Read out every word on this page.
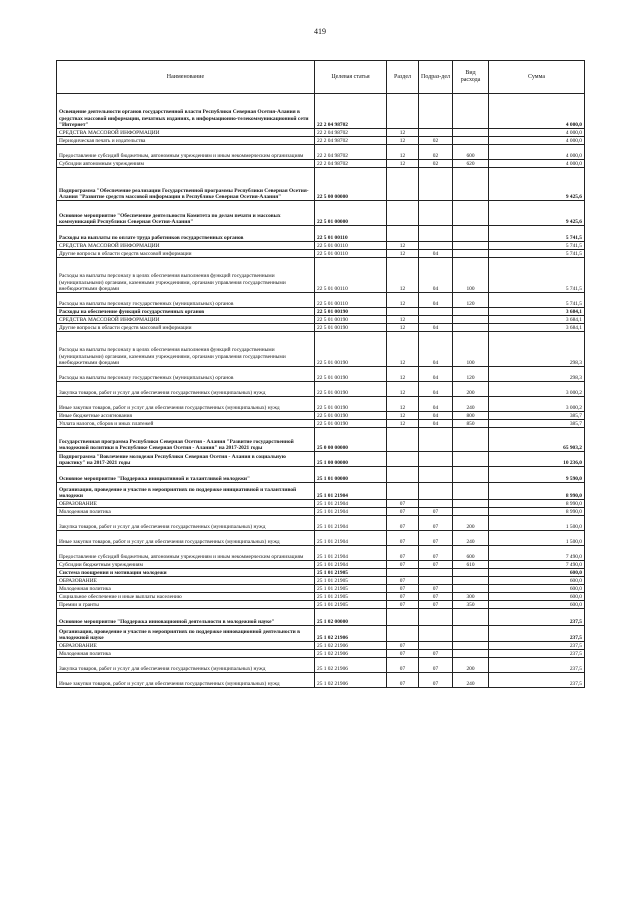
419
Наименование	Целевая статья	Раздел	Подраз-дел	Вид расхода	Сумма
Освещение деятельности органов государственной власти Республики Северная Осетия-Алания в средствах массовой информации, печатных изданиях, в информационно-телекоммуникационной сети "Интернет"	22 2 04 98702				4 000,0
СРЕДСТВА МАССОВОЙ ИНФОРМАЦИИ	22 2 04 98702	12			4 000,0
Периодическая печать и издательства	22 2 04 98702	12	02		4 000,0
Предоставление субсидий бюджетным, автономным учреждениям и иным некоммерческим организациям	22 2 04 98702	12	02	600	4 000,0
Субсидии автономным учреждениям	22 2 04 98702	12	02	620	4 000,0
Подпрограмма "Обеспечение реализации Государственной программы Республики Северная Осетия-Алания "Развитие средств массовой информации в Республике Северная Осетия-Алания"	22 5 00 00000				9 425,6
Основное мероприятие "Обеспечение деятельности Комитета по делам печати и массовых коммуникаций Республики Северная Осетия-Алания"	22 5 01 00000				9 425,6
Расходы на выплаты по оплате труда работников государственных органов	22 5 01 00110				5 741,5
СРЕДСТВА МАССОВОЙ ИНФОРМАЦИИ	22 5 01 00110	12			5 741,5
Другие вопросы в области средств массовой информации	22 5 01 00110	12	04		5 741,5
Расходы на выплаты персоналу в целях обеспечения выполнения функций государственными (муниципальными) органами, казенными учреждениями, органами управления государственными внебюджетными фондами	22 5 01 00110	12	04	100	5 741,5
Расходы на выплаты персоналу государственных (муниципальных) органов	22 5 01 00110	12	04	120	5 741,5
Расходы на обеспечение функций государственных органов	22 5 01 00190				3 684,1
СРЕДСТВА МАССОВОЙ ИНФОРМАЦИИ	22 5 01 00190	12			3 684,1
Другие вопросы в области средств массовой информации	22 5 01 00190	12	04		3 684,1
Расходы на выплаты персоналу в целях обеспечения выполнения функций государственными (муниципальными) органами, казенными учреждениями, органами управления государственными внебюджетными фондами	22 5 01 00190	12	04	100	298,3
Расходы на выплаты персоналу государственных (муниципальных) органов	22 5 01 00190	12	04	120	298,3
Закупка товаров, работ и услуг для обеспечения государственных (муниципальных) нужд	22 5 01 00190	12	04	200	3 000,2
Иные закупки товаров, работ и услуг для обеспечения государственных (муниципальных) нужд	22 5 01 00190	12	04	240	3 000,2
Иные бюджетные ассигнования	22 5 01 00190	12	04	800	385,7
Уплата налогов, сборов и иных платежей	22 5 01 00190	12	04	850	385,7
Государственная программа Республики Северная Осетия - Алания "Развитие государственной молодежной политики в Республике Северная Осетия - Алания" на 2017-2021 годы	25 0 00 00000				65 903,2
Подпрограмма "Вовлечение молодежи Республики Северная Осетия - Алания в социальную практику" на 2017-2021 годы	25 1 00 00000				10 236,0
Основное мероприятие "Поддержка инициативной и талантливой молодежи"	25 1 01 00000				9 590,0
Организация, проведение и участие в мероприятиях по поддержке инициативной и талантливой молодежи	25 1 01 21904				8 990,0
ОБРАЗОВАНИЕ	25 1 01 21904	07			8 990,0
Молодежная политика	25 1 01 21904	07	07		8 990,0
Закупка товаров, работ и услуг для обеспечения государственных (муниципальных) нужд	25 1 01 21904	07	07	200	1 500,0
Иные закупки товаров, работ и услуг для обеспечения государственных (муниципальных) нужд	25 1 01 21904	07	07	240	1 500,0
Предоставление субсидий бюджетным, автономным учреждениям и иным некоммерческим организациям	25 1 01 21904	07	07	600	7 490,0
Субсидии бюджетным учреждениям	25 1 01 21904	07	07	610	7 490,0
Система поощрения и мотивации молодежи	25 1 01 21905				600,0
ОБРАЗОВАНИЕ	25 1 01 21905	07			600,0
Молодежная политика	25 1 01 21905	07	07		600,0
Социальное обеспечение и иные выплаты населению	25 1 01 21905	07	07	300	600,0
Премии и гранты	25 1 01 21905	07	07	350	600,0
Основное мероприятие "Поддержка инновационной деятельности в молодежной науке"	25 1 02 00000				237,5
Организация, проведение и участие в мероприятиях по поддержке инновационной деятельности в молодежной науке	25 1 02 21906				237,5
ОБРАЗОВАНИЕ	25 1 02 21906	07			237,5
Молодежная политика	25 1 02 21906	07	07		237,5
Закупка товаров, работ и услуг для обеспечения государственных (муниципальных) нужд	25 1 02 21906	07	07	200	237,5
Иные закупки товаров, работ и услуг для обеспечения государственных (муниципальных) нужд	25 1 02 21906	07	07	240	237,5
